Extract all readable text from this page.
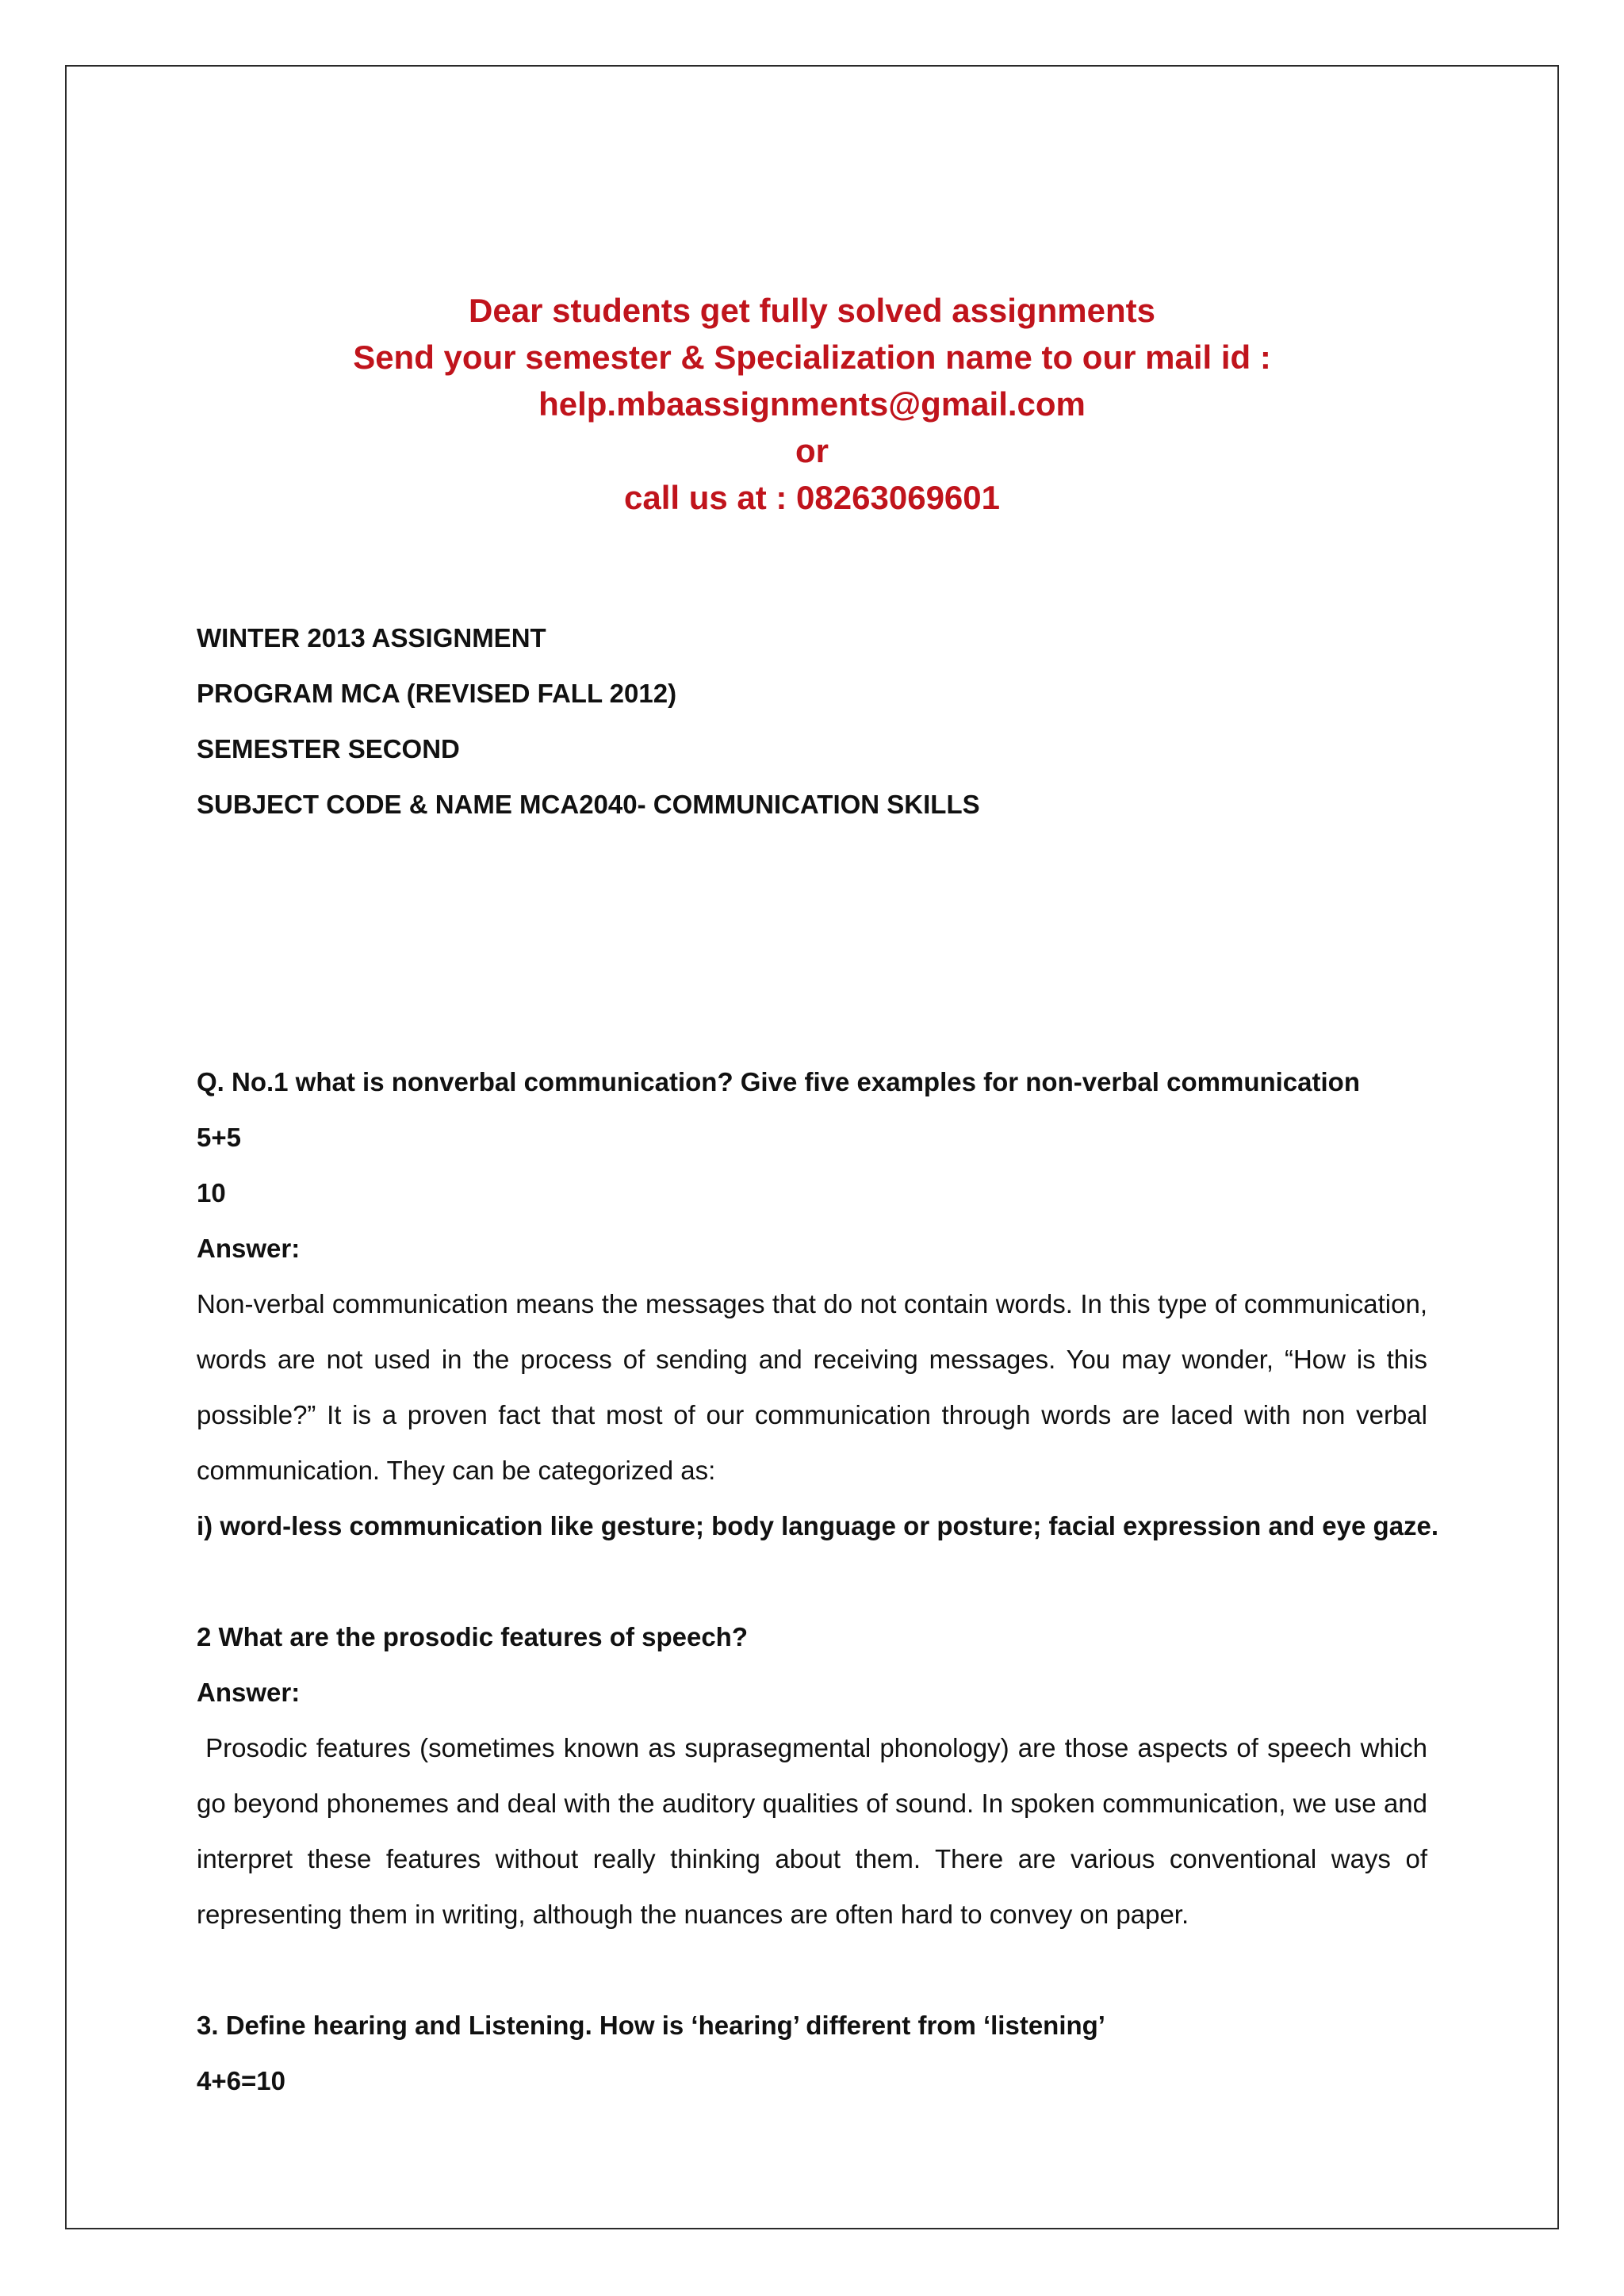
Dear students get fully solved assignments
Send your semester & Specialization name to our mail id :
help.mbaassignments@gmail.com
or
call us at : 08263069601
WINTER 2013 ASSIGNMENT
PROGRAM MCA (REVISED FALL 2012)
SEMESTER SECOND
SUBJECT CODE & NAME MCA2040- COMMUNICATION SKILLS
Q. No.1 what is nonverbal communication? Give five examples for non-verbal communication
5+5
10
Answer:
Non-verbal communication means the messages that do not contain words. In this type of communication, words are not used in the process of sending and receiving messages. You may wonder, “How is this possible?” It is a proven fact that most of our communication through words are laced with non verbal communication. They can be categorized as:
i) word-less communication like gesture; body language or posture; facial expression and eye gaze.
2 What are the prosodic features of speech?
Answer:
Prosodic features (sometimes known as suprasegmental phonology) are those aspects of speech which go beyond phonemes and deal with the auditory qualities of sound. In spoken communication, we use and interpret these features without really thinking about them. There are various conventional ways of representing them in writing, although the nuances are often hard to convey on paper.
3. Define hearing and Listening. How is ‘hearing’ different from ‘listening’
4+6=10
